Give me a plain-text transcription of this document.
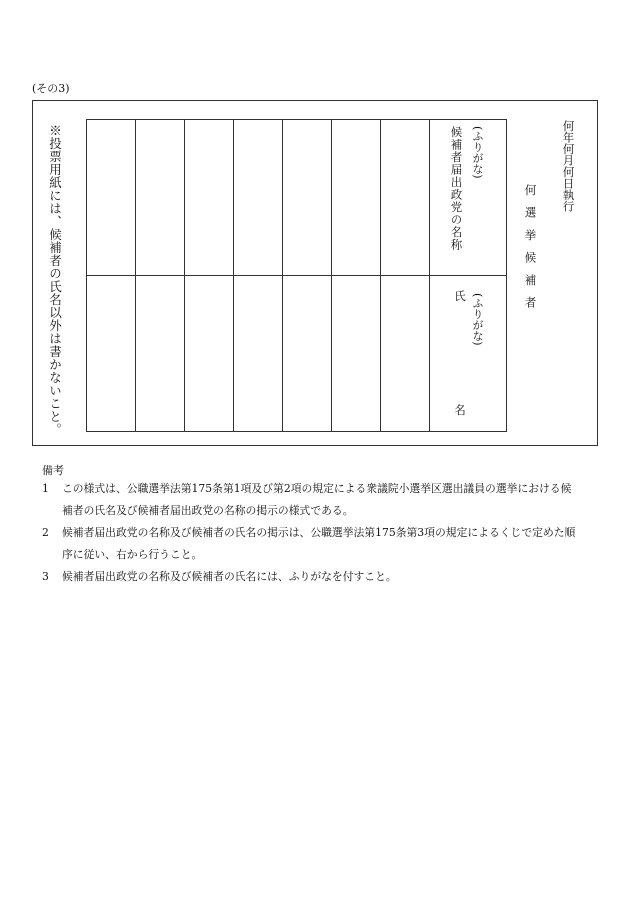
(その3)
※投票用紙には、候補者の氏名以外は書かないこと。	(ふりがな)
候補者届出政党の名称
(ふりがな)
氏
名
何年何月何日執行
何選挙候補者
備考
1 この様式は、公職選挙法第175条第1項及び第2項の規定による衆議院小選挙区選出議員の選挙における候補者の氏名及び候補者届出政党の名称の掲示の様式である。
2 候補者届出政党の名称及び候補者の氏名の掲示は、公職選挙法第175条第3項の規定によるくじで定めた順序に従い、右から行うこと。
3 候補者届出政党の名称及び候補者の氏名には、ふりがなを付すこと。
